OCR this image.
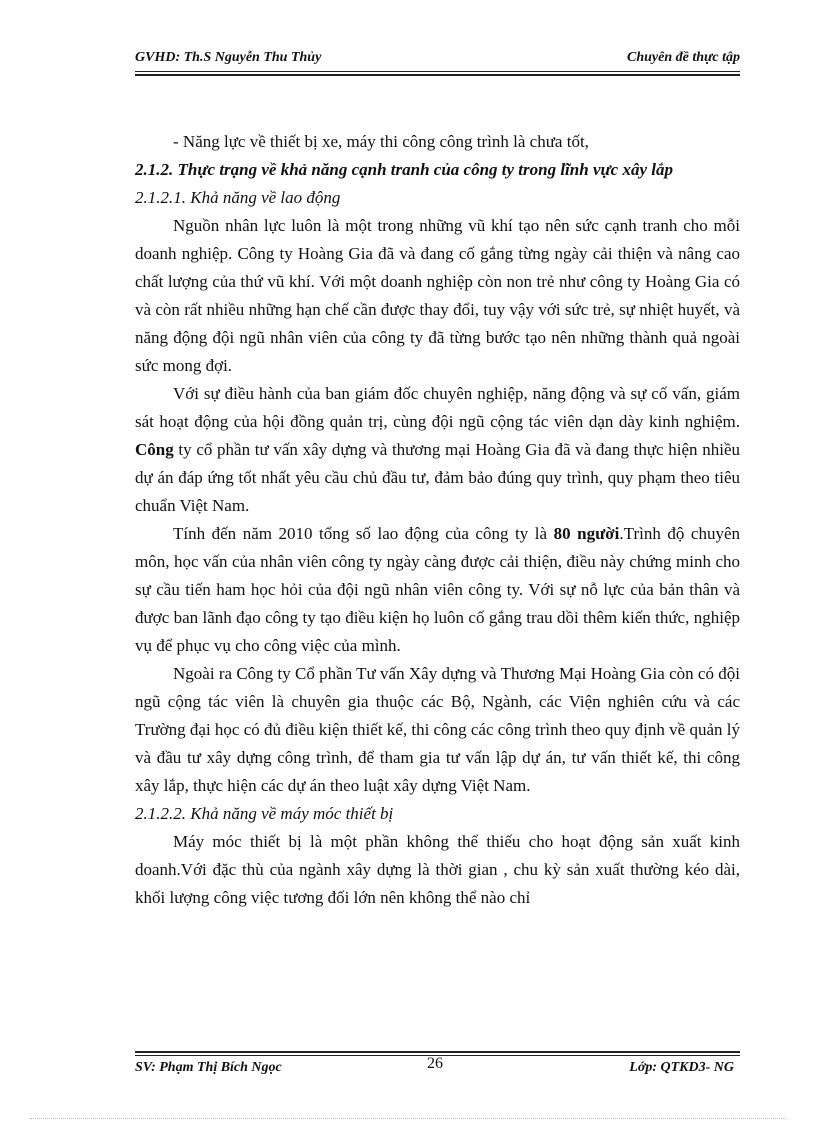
GVHD: Th.S Nguyễn Thu Thủy	Chuyên đề thực tập

- Năng lực về thiết bị xe, máy thi công công trình là chưa tốt,

2.1.2. Thực trạng về khả năng cạnh tranh của công ty trong lĩnh vực xây lắp

2.1.2.1. Khả năng về lao động

Nguồn nhân lực luôn là một trong những vũ khí tạo nên sức cạnh tranh cho mỗi doanh nghiệp. Công ty Hoàng Gia đã và đang cố gắng từng ngày cải thiện và nâng cao chất lượng của thứ vũ khí. Với một doanh nghiệp còn non trẻ như công ty Hoàng Gia có và còn rất nhiều những hạn chế cần được thay đổi, tuy vậy với sức trẻ, sự nhiệt huyết, và năng động đội ngũ nhân viên của công ty đã từng bước tạo nên những thành quả ngoài sức mong đợi.

Với sự điều hành của ban giám đốc chuyên nghiệp, năng động và sự cố vấn, giám sát hoạt động của hội đồng quản trị, cùng đội ngũ cộng tác viên dạn dày kinh nghiệm. Công ty cổ phần tư vấn xây dựng và thương mại Hoàng Gia đã và đang thực hiện nhiều dự án đáp ứng tốt nhất yêu cầu chủ đầu tư, đảm bảo đúng quy trình, quy phạm theo tiêu chuẩn Việt Nam.

Tính đến năm 2010 tổng số lao động của công ty là 80 người.Trình độ chuyên môn, học vấn của nhân viên công ty ngày càng được cải thiện, điều này chứng minh cho sự cầu tiến ham học hỏi của đội ngũ nhân viên công ty. Với sự nỗ lực của bản thân và được ban lãnh đạo công ty tạo điều kiện họ luôn cố gắng trau dồi thêm kiến thức, nghiệp vụ để phục vụ cho công việc của mình.

Ngoài ra Công ty Cổ phần Tư vấn Xây dựng và Thương Mại Hoàng Gia còn có đội ngũ cộng tác viên là chuyên gia thuộc các Bộ, Ngành, các Viện nghiên cứu và các Trường đại học có đủ điều kiện thiết kế, thi công các công trình theo quy định về quản lý và đầu tư xây dựng công trình, để tham gia tư vấn lập dự án, tư vấn thiết kế, thi công xây lắp, thực hiện các dự án theo luật xây dựng Việt Nam.

2.1.2.2. Khả năng về máy móc thiết bị

Máy móc thiết bị là một phần không thể thiếu cho hoạt động sản xuất kinh doanh.Với đặc thù của ngành xây dựng là thời gian , chu kỳ sản xuất thường kéo dài, khối lượng công việc tương đối lớn nên không thể nào chỉ

SV: Phạm Thị Bích Ngọc	26	Lớp: QTKD3- NG
